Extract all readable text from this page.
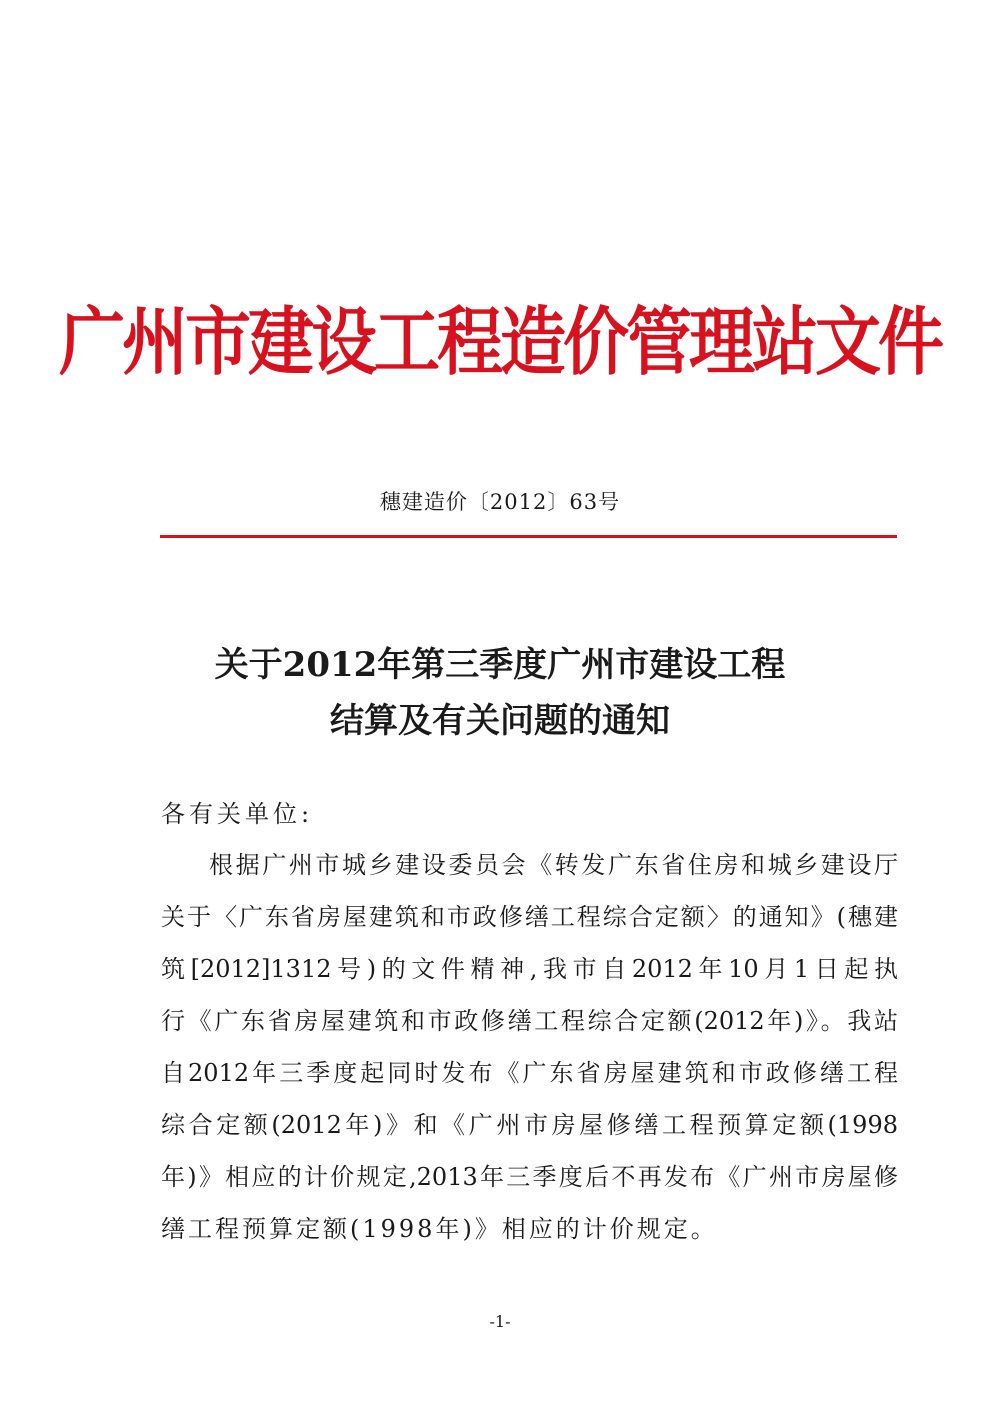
广州市建设工程造价管理站文件
穗建造价〔2012〕63号
关于2012年第三季度广州市建设工程
结算及有关问题的通知
各有关单位:
根据广州市城乡建设委员会《转发广东省住房和城乡建设厅
关于〈广东省房屋建筑和市政修缮工程综合定额〉的通知》(穗建
筑[2012]1312号)的文件精神,我市自2012年10月1日起执
行《广东省房屋建筑和市政修缮工程综合定额(2012年)》。我站
自2012年三季度起同时发布《广东省房屋建筑和市政修缮工程
综合定额(2012年)》和《广州市房屋修缮工程预算定额(1998
年)》相应的计价规定,2013年三季度后不再发布《广州市房屋修
缮工程预算定额(1998年)》相应的计价规定。
-1-
